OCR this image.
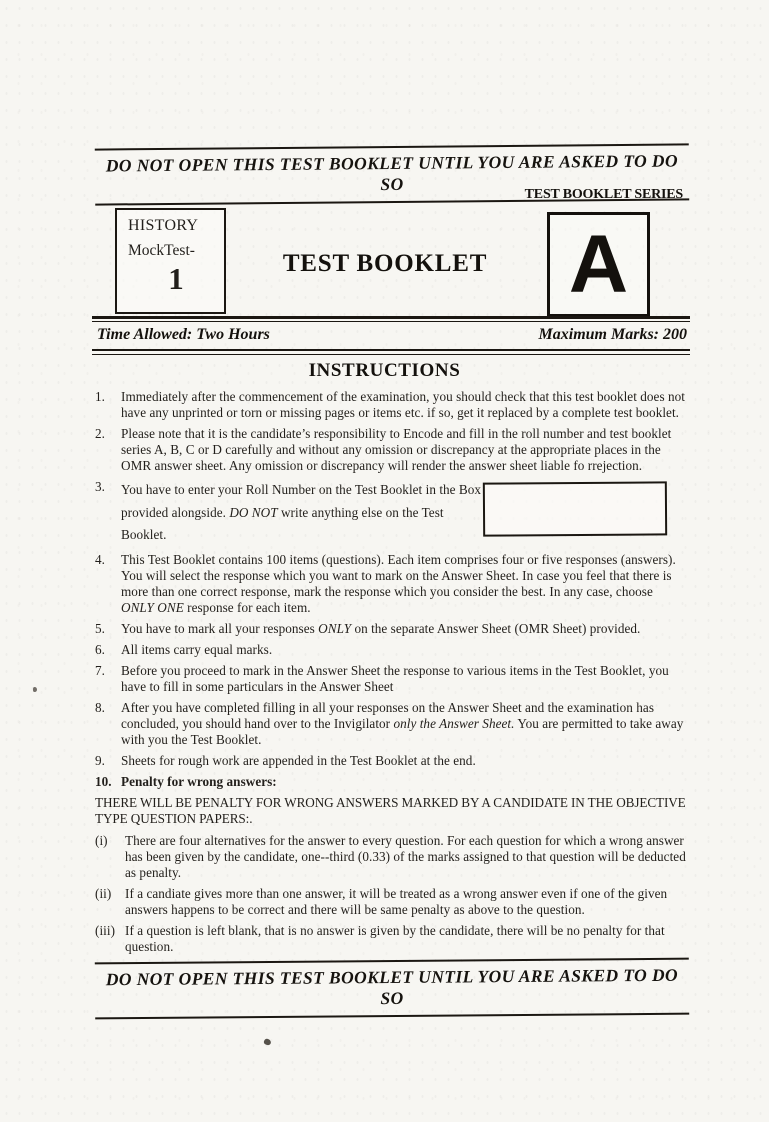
DO NOT OPEN THIS TEST BOOKLET UNTIL YOU ARE ASKED TO DO SO
TEST BOOKLET SERIES
HISTORY
MockTest-
1	TEST BOOKLET A
Time Allowed: Two Hours	Maximum Marks: 200
INSTRUCTIONS
1.	Immediately after the commencement of the examination, you should check that this test booklet does not have any unprinted or torn or missing pages or items etc. if so, get it replaced by a complete test booklet.
2.	Please note that it is the candidate’s responsibility to Encode and fill in the roll number and test booklet series A, B, C or D carefully and without any omission or discrepancy at the appropriate places in the OMR answer sheet. Any omission or discrepancy will render the answer sheet liable fo rrejection.
3.	You have to enter your Roll Number on the Test Booklet in the Box provided alongside. DO NOT write anything else on the Test Booklet.
4.	This Test Booklet contains 100 items (questions). Each item comprises four or five responses (answers). You will select the response which you want to mark on the Answer Sheet. In case you feel that there is more than one correct response, mark the response which you consider the best. In any case, choose ONLY ONE response for each item.
5.	You have to mark all your responses ONLY on the separate Answer Sheet (OMR Sheet) provided.
6.	All items carry equal marks.
7.	Before you proceed to mark in the Answer Sheet the response to various items in the Test Booklet, you have to fill in some particulars in the Answer Sheet
8.	After you have completed filling in all your responses on the Answer Sheet and the examination has concluded, you should hand over to the Invigilator only the Answer Sheet. You are permitted to take away with you the Test Booklet.
9.	Sheets for rough work are appended in the Test Booklet at the end.
10. Penalty for wrong answers:
THERE WILL BE PENALTY FOR WRONG ANSWERS MARKED BY A CANDIDATE IN THE OBJECTIVE TYPE QUESTION PAPERS:.
(i)	There are four alternatives for the answer to every question. For each question for which a wrong answer has been given by the candidate, one--third (0.33) of the marks assigned to that question will be deducted as penalty.
(ii)	If a candiate gives more than one answer, it will be treated as a wrong answer even if one of the given answers happens to be correct and there will be same penalty as above to the question.
(iii) If a question is left blank, that is no answer is given by the candidate, there will be no penalty for that question.
DO NOT OPEN THIS TEST BOOKLET UNTIL YOU ARE ASKED TO DO SO
